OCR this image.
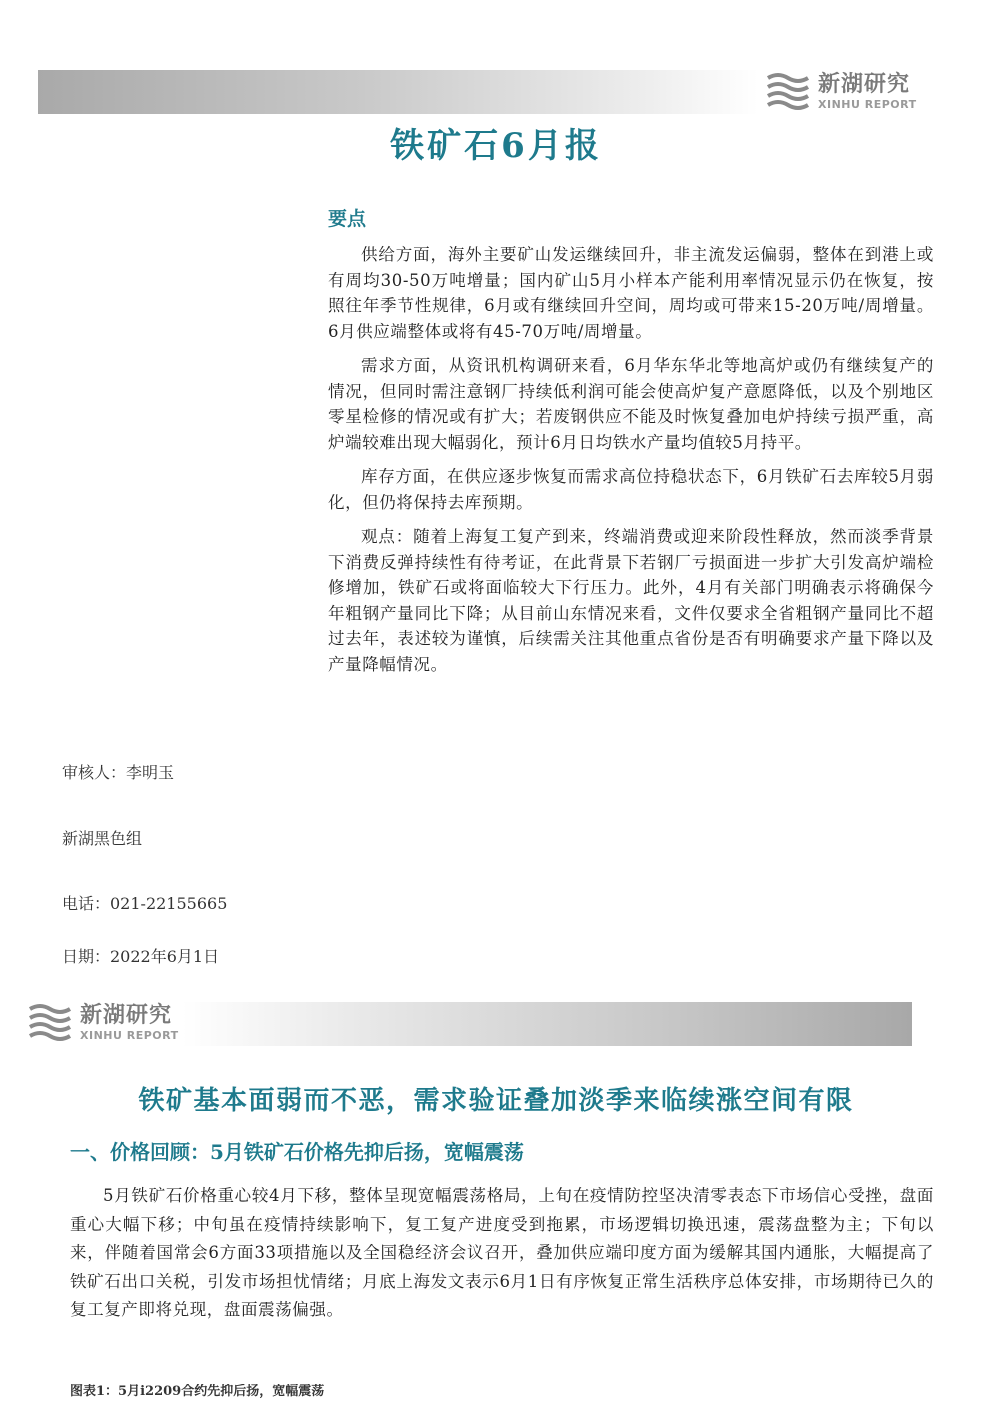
新湖研究
XINHU REPORT
铁矿石6月报
要点

供给方面，海外主要矿山发运继续回升，非主流发运偏弱，整体在到港上或有周均30-50万吨增量；国内矿山5月小样本产能利用率情况显示仍在恢复，按照往年季节性规律，6月或有继续回升空间，周均或可带来15-20万吨/周增量。6月供应端整体或将有45-70万吨/周增量。

需求方面，从资讯机构调研来看，6月华东华北等地高炉或仍有继续复产的情况，但同时需注意钢厂持续低利润可能会使高炉复产意愿降低，以及个别地区零星检修的情况或有扩大；若废钢供应不能及时恢复叠加电炉持续亏损严重，高炉端较难出现大幅弱化，预计6月日均铁水产量均值较5月持平。

库存方面，在供应逐步恢复而需求高位持稳状态下，6月铁矿石去库较5月弱化，但仍将保持去库预期。

观点：随着上海复工复产到来，终端消费或迎来阶段性释放，然而淡季背景下消费反弹持续性有待考证，在此背景下若钢厂亏损面进一步扩大引发高炉端检修增加，铁矿石或将面临较大下行压力。此外，4月有关部门明确表示将确保今年粗钢产量同比下降；从目前山东情况来看，文件仅要求全省粗钢产量同比不超过去年，表述较为谨慎，后续需关注其他重点省份是否有明确要求产量下降以及产量降幅情况。

审核人：李明玉
新湖黑色组
电话：021-22155665
日期：2022年6月1日
新湖研究
XINHU REPORT
铁矿基本面弱而不恶，需求验证叠加淡季来临续涨空间有限
一、价格回顾：5月铁矿石价格先抑后扬，宽幅震荡

5月铁矿石价格重心较4月下移，整体呈现宽幅震荡格局，上旬在疫情防控坚决清零表态下市场信心受挫，盘面重心大幅下移；中旬虽在疫情持续影响下，复工复产进度受到拖累，市场逻辑切换迅速，震荡盘整为主；下旬以来，伴随着国常会6方面33项措施以及全国稳经济会议召开，叠加供应端印度方面为缓解其国内通胀，大幅提高了铁矿石出口关税，引发市场担忧情绪；月底上海发文表示6月1日有序恢复正常生活秩序总体安排，市场期待已久的复工复产即将兑现，盘面震荡偏强。

图表1：5月i2209合约先抑后扬，宽幅震荡
